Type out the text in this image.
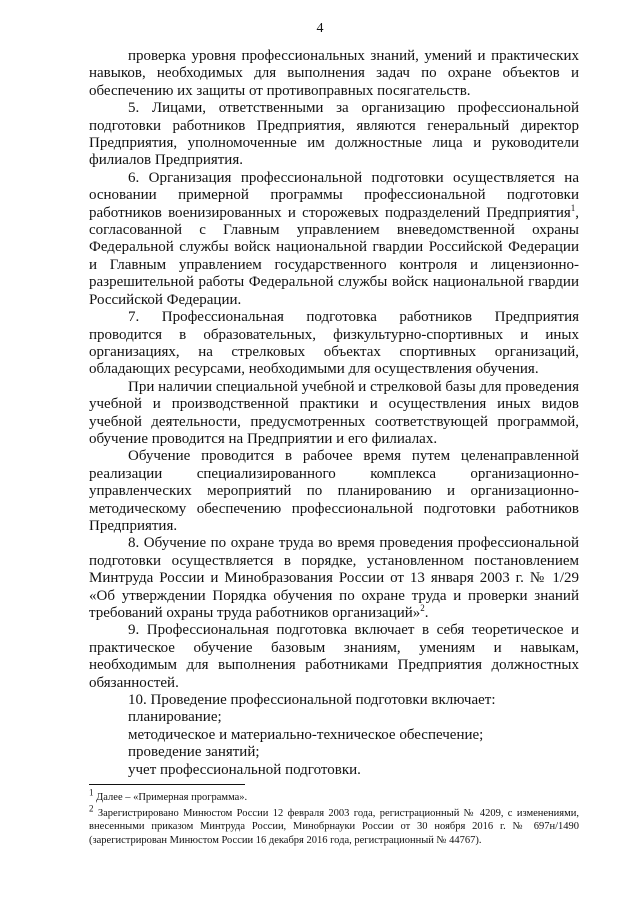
4

проверка уровня профессиональных знаний, умений и практических навыков, необходимых для выполнения задач по охране объектов и обеспечению их защиты от противоправных посягательств.

5. Лицами, ответственными за организацию профессиональной подготовки работников Предприятия, являются генеральный директор Предприятия, уполномоченные им должностные лица и руководители филиалов Предприятия.

6. Организация профессиональной подготовки осуществляется на основании примерной программы профессиональной подготовки работников военизированных и сторожевых подразделений Предприятия$^1$, согласованной с Главным управлением вневедомственной охраны Федеральной службы войск национальной гвардии Российской Федерации и Главным управлением государственного контроля и лицензионно-разрешительной работы Федеральной службы войск национальной гвардии Российской Федерации.

7. Профессиональная подготовка работников Предприятия проводится в образовательных, физкультурно-спортивных и иных организациях, на стрелковых объектах спортивных организаций, обладающих ресурсами, необходимыми для осуществления обучения.

При наличии специальной учебной и стрелковой базы для проведения учебной и производственной практики и осуществления иных видов учебной деятельности, предусмотренных соответствующей программой, обучение проводится на Предприятии и его филиалах.

Обучение проводится в рабочее время путем целенаправленной реализации специализированного комплекса организационно-управленческих мероприятий по планированию и организационно-методическому обеспечению профессиональной подготовки работников Предприятия.

8. Обучение по охране труда во время проведения профессиональной подготовки осуществляется в порядке, установленном постановлением Минтруда России и Минобразования России от 13 января 2003 г. № 1/29 «Об утверждении Порядка обучения по охране труда и проверки знаний требований охраны труда работников организаций»$^2$.

9. Профессиональная подготовка включает в себя теоретическое и практическое обучение базовым знаниям, умениям и навыкам, необходимым для выполнения работниками Предприятия должностных обязанностей.

10. Проведение профессиональной подготовки включает:

планирование;

методическое и материально-техническое обеспечение;

проведение занятий;

учет профессиональной подготовки.

$^1$ Далее – «Примерная программа».

$^2$ Зарегистрировано Минюстом России 12 февраля 2003 года, регистрационный № 4209, с изменениями, внесенными приказом Минтруда России, Минобрнауки России от 30 ноября 2016 г. № 697н/1490 (зарегистрирован Минюстом России 16 декабря 2016 года, регистрационный № 44767).
